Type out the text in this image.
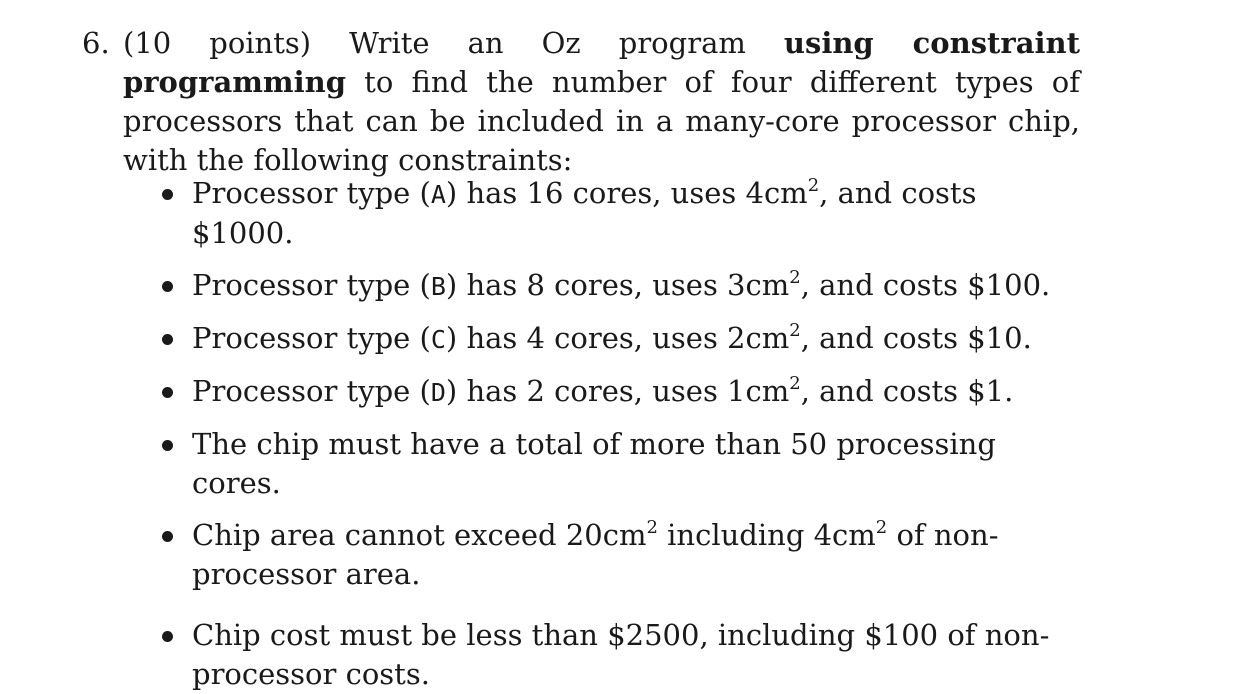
6. (10 points) Write an Oz program using constraint programming to find the number of four different types of processors that can be included in a many-core processor chip, with the following constraints:
Processor type (A) has 16 cores, uses $4cm^2$, and costs $1000.
Processor type (B) has 8 cores, uses $3cm^2$, and costs $100.
Processor type (C) has 4 cores, uses $2cm^2$, and costs $10.
Processor type (D) has 2 cores, uses $1cm^2$, and costs $1.
The chip must have a total of more than 50 processing cores.
Chip area cannot exceed $20cm^2$ including $4cm^2$ of non-processor area.
Chip cost must be less than $2500, including $100 of non-processor costs.
